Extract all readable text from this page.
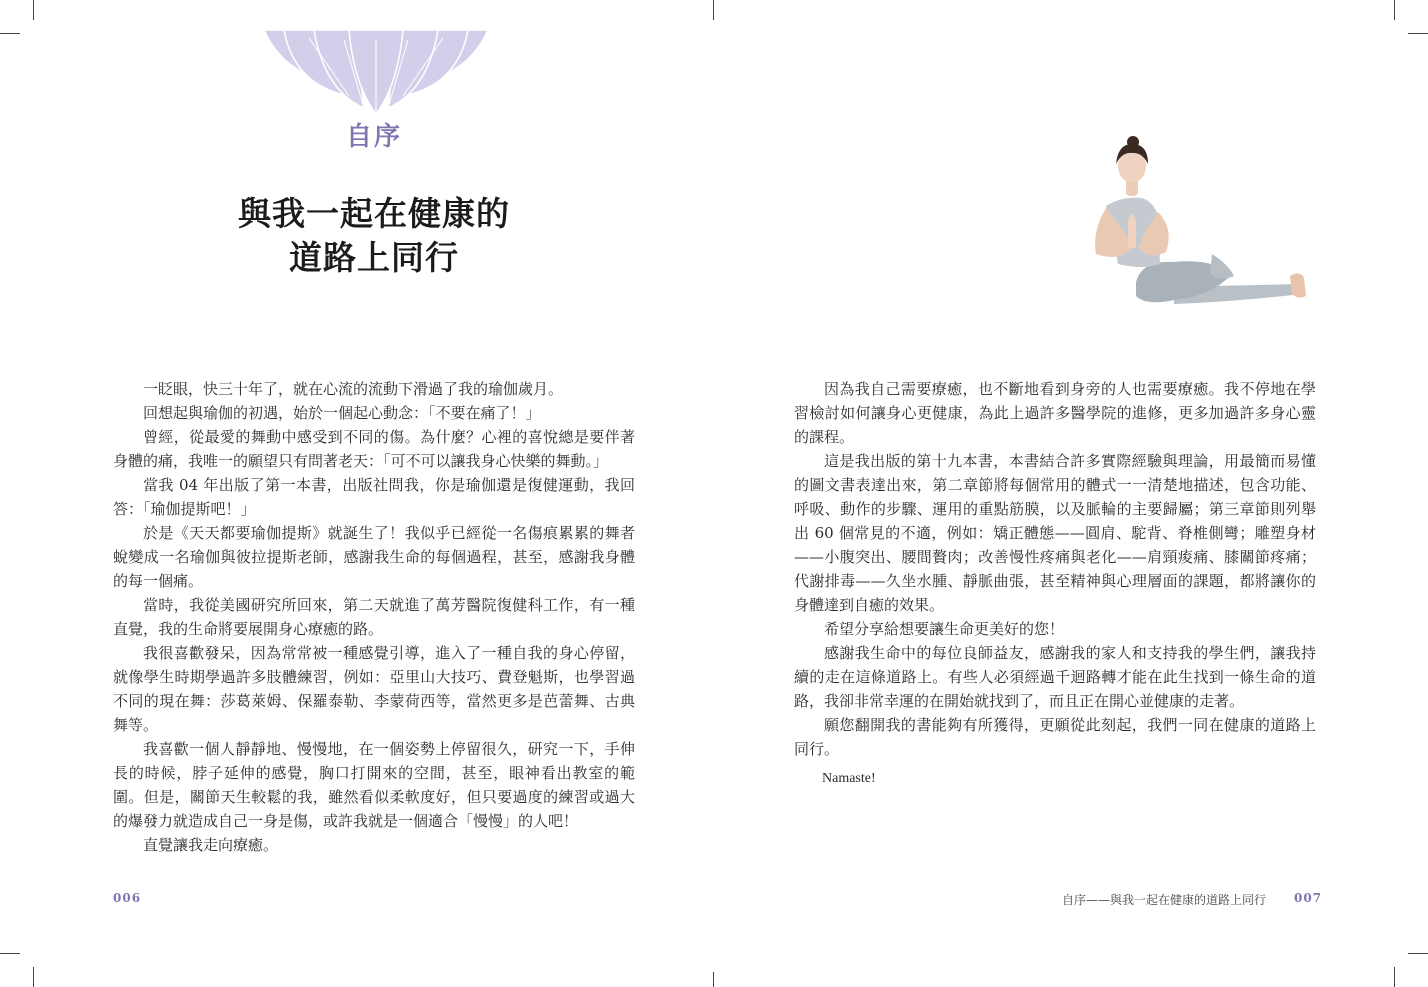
自序
與我一起在健康的
道路上同行

一眨眼，快三十年了，就在心流的流動下滑過了我的瑜伽歲月。

回想起與瑜伽的初遇，始於一個起心動念：「不要在痛了！」

曾經，從最愛的舞動中感受到不同的傷。為什麼？心裡的喜悅總是要伴著身體的痛，我唯一的願望只有問著老天：「可不可以讓我身心快樂的舞動。」

當我 04 年出版了第一本書，出版社問我，你是瑜伽還是復健運動，我回答：「瑜伽提斯吧！」

於是《天天都要瑜伽提斯》就誕生了！我似乎已經從一名傷痕累累的舞者蛻變成一名瑜伽與彼拉提斯老師，感謝我生命的每個過程，甚至，感謝我身體的每一個痛。

當時，我從美國研究所回來，第二天就進了萬芳醫院復健科工作，有一種直覺，我的生命將要展開身心療癒的路。

我很喜歡發呆，因為常常被一種感覺引導，進入了一種自我的身心停留，就像學生時期學過許多肢體練習，例如：亞里山大技巧、費登魁斯，也學習過不同的現在舞：莎葛萊姆、保羅泰勒、李蒙荷西等，當然更多是芭蕾舞、古典舞等。

我喜歡一個人靜靜地、慢慢地，在一個姿勢上停留很久，研究一下，手伸長的時候，脖子延伸的感覺，胸口打開來的空間，甚至，眼神看出教室的範圍。但是，關節天生較鬆的我，雖然看似柔軟度好，但只要過度的練習或過大的爆發力就造成自己一身是傷，或許我就是一個適合「慢慢」的人吧！

直覺讓我走向療癒。

006

因為我自己需要療癒，也不斷地看到身旁的人也需要療癒。我不停地在學習檢討如何讓身心更健康，為此上過許多醫學院的進修，更多加過許多身心靈的課程。

這是我出版的第十九本書，本書結合許多實際經驗與理論，用最簡而易懂的圖文書表達出來，第二章節將每個常用的體式一一清楚地描述，包含功能、呼吸、動作的步驟、運用的重點筋膜，以及脈輪的主要歸屬；第三章節則列舉出 60 個常見的不適，例如：矯正體態——圓肩、駝背、脊椎側彎；雕塑身材——小腹突出、腰間贅肉；改善慢性疼痛與老化——肩頸痠痛、膝關節疼痛；代謝排毒——久坐水腫、靜脈曲張，甚至精神與心理層面的課題，都將讓你的身體達到自癒的效果。

希望分享給想要讓生命更美好的您！

感謝我生命中的每位良師益友，感謝我的家人和支持我的學生們，讓我持續的走在這條道路上。有些人必須經過千迴路轉才能在此生找到一條生命的道路，我卻非常幸運的在開始就找到了，而且正在開心並健康的走著。

願您翻開我的書能夠有所獲得，更願從此刻起，我們一同在健康的道路上同行。

Namaste!

自序——與我一起在健康的道路上同行 007
